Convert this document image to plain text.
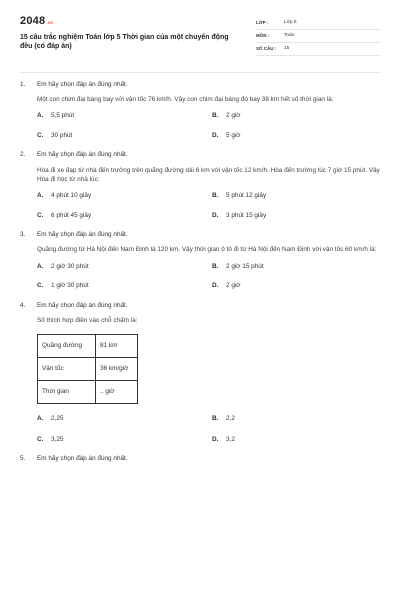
2048.vn
15 câu trắc nghiệm Toán lớp 5 Thời gian của một chuyển động đều (có đáp án)
LỚP :	Lớp 5
MÔN :	Toán
SỐ CÂU :	15
1.	Em hãy chọn đáp án đúng nhất.
Một con chim đại bàng bay với vận tốc 76 km/h. Vậy con chim đại bàng đó bay 38 km hết số thời gian là:
A.	5,5 phút	B.	2 giờ
C.	30 phút	D.	5 giờ
2.	Em hãy chọn đáp án đúng nhất.
Hòa đi xe đạp từ nhà đến trường trên quãng đường dài 6 km với vận tốc 12 km/h. Hòa đến trường lúc 7 giờ 15 phút. Vậy Hòa đi học từ nhà lúc:
A.	4 phút 10 giây	B.	5 phút 12 giây
C.	6 phút 45 giây	D.	3 phút 15 giây
3.	Em hãy chọn đáp án đúng nhất.
Quãng đường từ Hà Nội đến Nam Định là 120 km. Vậy thời gian ô tô đi từ Hà Nội đến Nam Định với vận tốc 60 km/h là:
A.	2 giờ 30 phút	B.	2 giờ 15 phút
C.	1 giờ 30 phút	D.	2 giờ
4.	Em hãy chọn đáp án đúng nhất.
Số thích hợp điền vào chỗ chấm là:
Quãng đường	81 km
Vận tốc	36 km/giờ
Thời gian	.. giờ
A.	2,25	B.	2,2
C.	3,25	D.	3,2
5.	Em hãy chọn đáp án đúng nhất.
